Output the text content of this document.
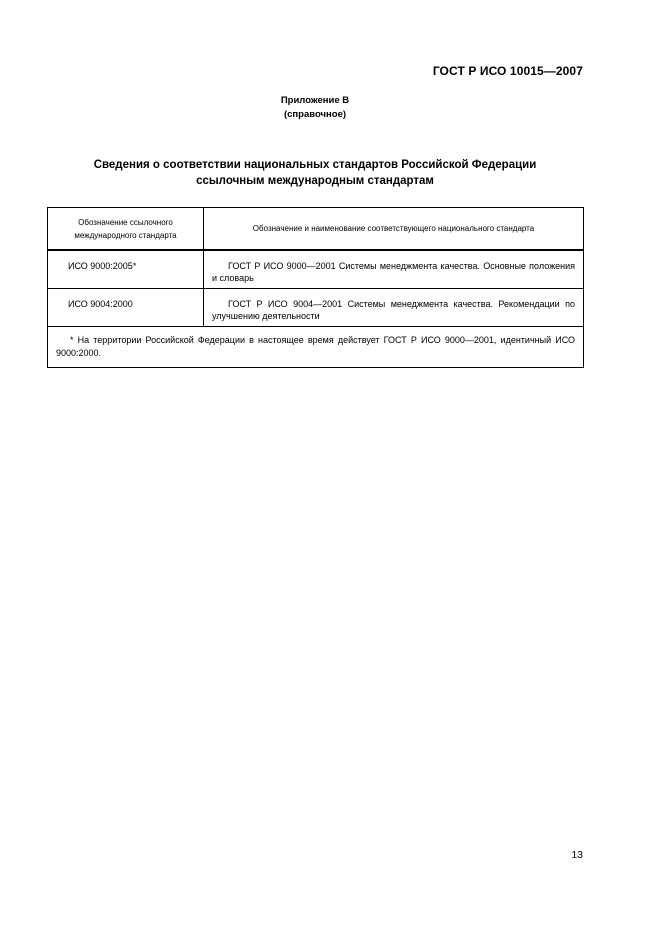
ГОСТ Р ИСО 10015—2007

Приложение В
(справочное)
Сведения о соответствии национальных стандартов Российской Федерации
ссылочным международным стандартам
Обозначение ссылочного международного стандарта	Обозначение и наименование соответствующего национального стандарта
ИСО 9000:2005*	ГОСТ Р ИСО 9000—2001 Системы менеджмента качества. Основные положения и словарь
ИСО 9004:2000	ГОСТ Р ИСО 9004—2001 Системы менеджмента качества. Рекомендации по улучшению деятельности
* На территории Российской Федерации в настоящее время действует ГОСТ Р ИСО 9000—2001, идентичный ИСО 9000:2000.	

13
